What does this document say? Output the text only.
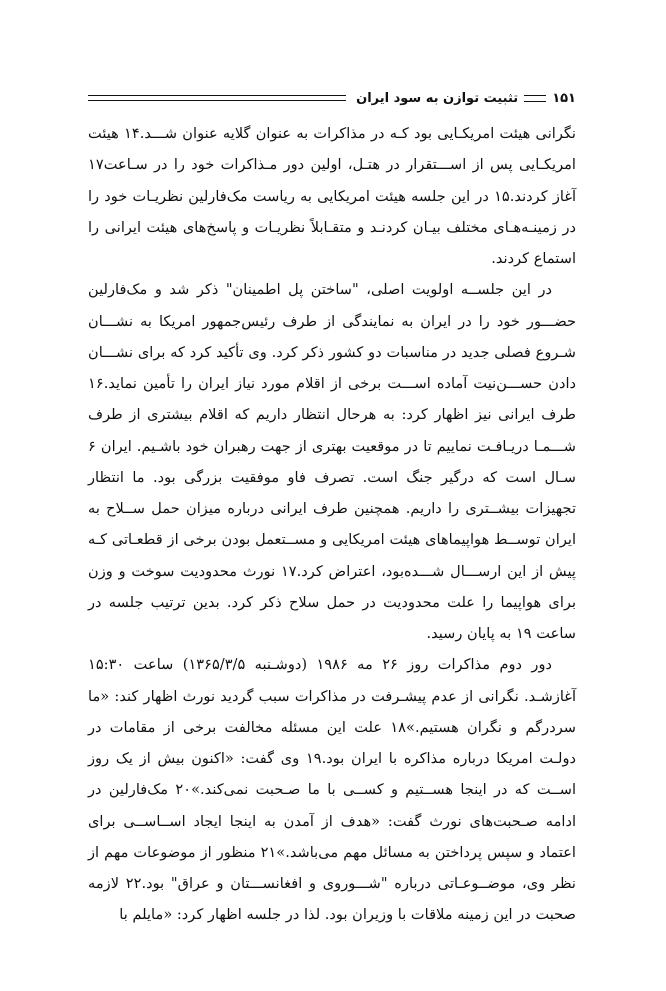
۱۵۱
تثبیت توازن به سود ایران

نگرانی هیئت امریکـایی بود کـه در مذاکرات به عنوان گلایه عنوان شـــد.۱۴ هیئت امریکـایی پس از اســـتقرار در هتـل، اولین دور مـذاکرات خود را در سـاعت۱۷ آغاز کردند.۱۵ در این جلسه هیئت امریکایی به ریاست مک‌فارلین نظریـات خود را در زمینـه‌هـای مختلف بیـان کردنـد و متقـابلاً نظریـات و پاسخ‌های هیئت ایرانی را استماع کردند.

در این جلســه اولویت اصلی، "ساختن پل اطمینان" ذکر شد و مک‌فارلین حضـــور خود را در ایران به نمایندگی از طرف رئیس‌جمهور امریکا به نشـــان شـروع فصلی جدید در مناسبات دو کشور ذکر کرد. وی تأکید کرد که برای نشـــان دادن حســـن‌نیت آماده اســـت برخی از اقلام مورد نیاز ایران را تأمین نماید.۱۶ طرف ایرانی نیز اظهار کرد: به هرحال انتظار داریم که اقلام بیشتری از طرف شـــمـا دریـافـت نماییم تا در موقعیت بهتری از جهت رهبران خود باشـیم. ایران ۶ سـال است که درگیر جنگ است. تصرف فاو موفقیت بزرگی بود. ما انتظار تجهیزات بیشــتری را داریم. همچنین طرف ایرانی درباره میزان حمل ســلاح به ایران توســط هواپیماهای هیئت امریکایی و مســتعمل بودن برخی از قطعـاتی کـه پیش از این ارســـال شـــده‌بود، اعتراض کرد.۱۷ نورث محدودیت سوخت و وزن برای هواپیما را علت محدودیت در حمل سلاح ذکر کرد. بدین ترتیب جلسه در ساعت ۱۹ به پایان رسید.

دور دوم مذاکرات روز ۲۶ مه ۱۹۸۶ (دوشـنبه ۱۳۶۵/۳/۵) ساعت ۱۵:۳۰ آغازشـد. نگرانی از عدم پیشـرفت در مذاکرات سبب گردید نورث اظهار کند: «ما سردرگم و نگران هستیم.»۱۸ علت این مسئله مخالفت برخی از مقامات در دولـت امریکا درباره مذاکره با ایران بود.۱۹ وی گفت: «اکنون بیش از یک روز اســت که در اینجا هســتیم و کســی با ما صـحبت نمی‌کند.»۲۰ مک‌فارلین در ادامه صـحبت‌های نورث گفت: «هدف از آمدن به اینجا ایجاد اســاســی برای اعتماد و سپس پرداختن به مسائل مهم می‌باشد.»۲۱ منظور از موضوعات مهم از نظر وی، موضــوعـاتی درباره "شـــوروی و افغانســـتان و عراق" بود.۲۲ لازمه صحبت در این زمینه ملاقات با وزیران بود. لذا در جلسه اظهار کرد: «مایلم با
